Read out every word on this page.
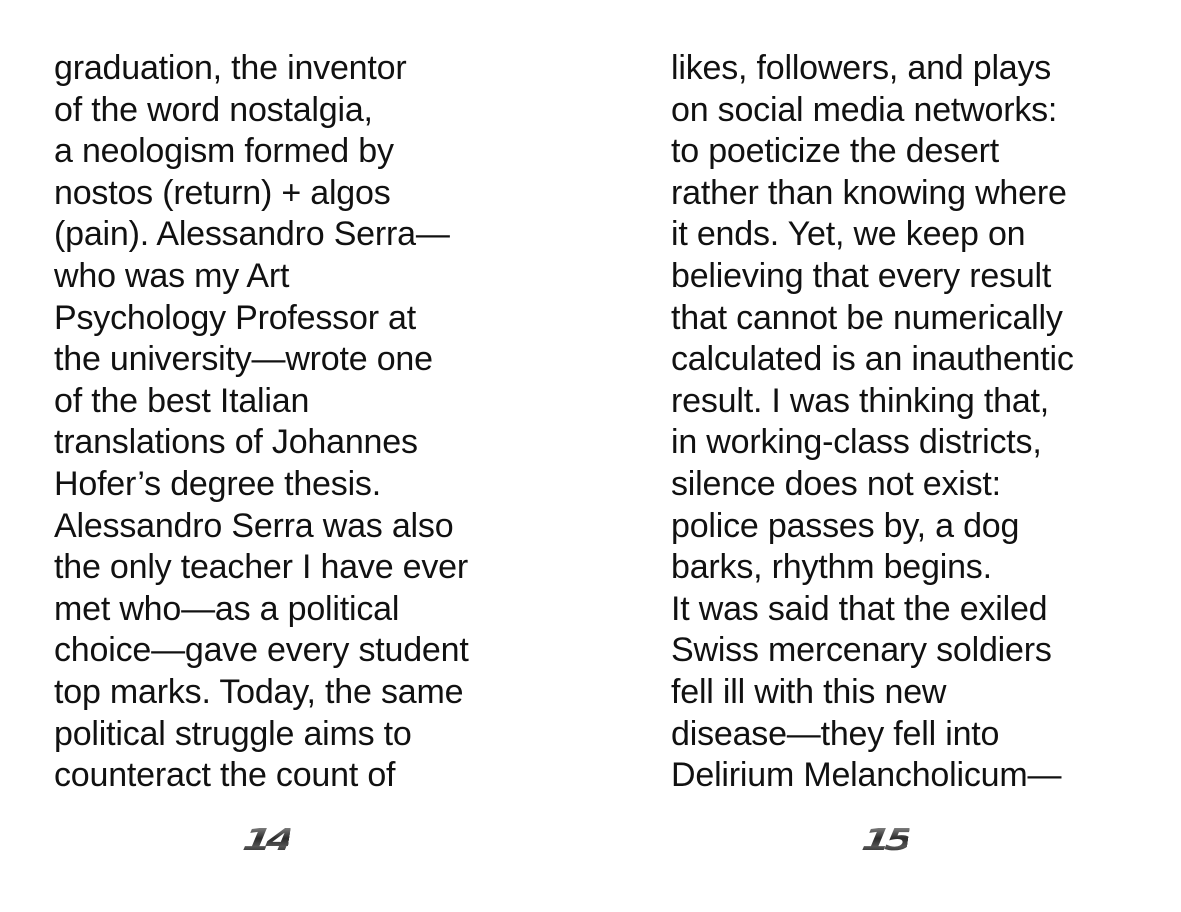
graduation, the inventor
of the word nostalgia,
a neologism formed by
nostos (return) + algos
(pain). Alessandro Serra—
who was my Art
Psychology Professor at
the university—wrote one
of the best Italian
translations of Johannes
Hofer’s degree thesis.
Alessandro Serra was also
the only teacher I have ever
met who—as a political
choice—gave every student
top marks. Today, the same
political struggle aims to
counteract the count of

14

likes, followers, and plays
on social media networks:
to poeticize the desert
rather than knowing where
it ends. Yet, we keep on
believing that every result
that cannot be numerically
calculated is an inauthentic
result. I was thinking that,
in working-class districts,
silence does not exist:
police passes by, a dog
barks, rhythm begins.
It was said that the exiled
Swiss mercenary soldiers
fell ill with this new
disease—they fell into
Delirium Melancholicum—

15
